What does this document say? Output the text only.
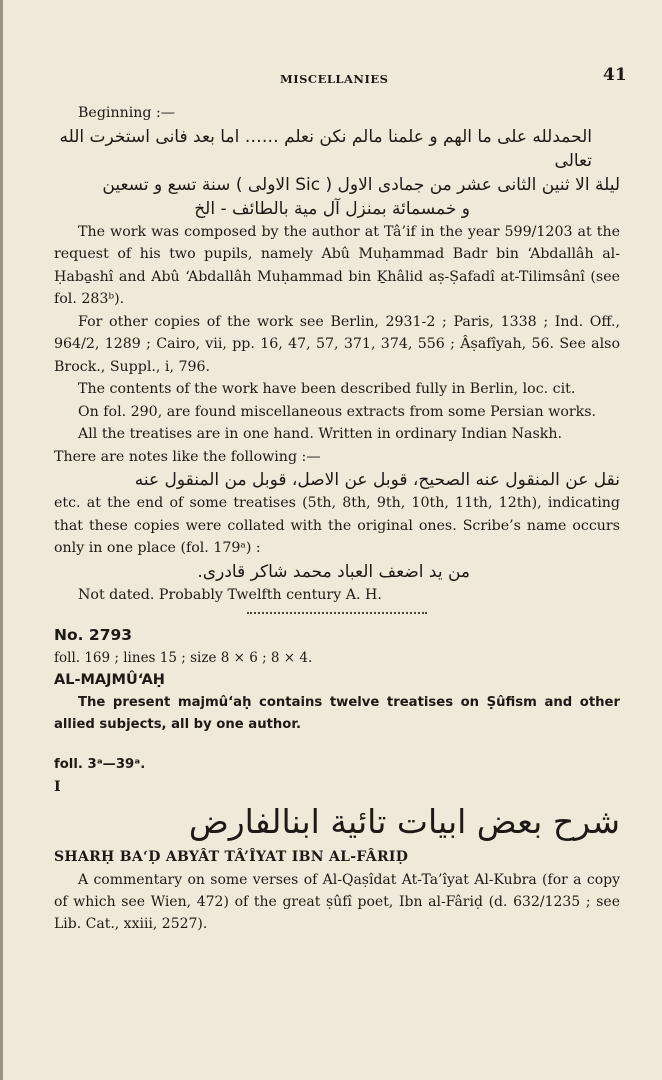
MISCELLANIES	41

Beginning :—

الحمدلله على ما الهم و علمنا مالم نكن نعلم …… اما بعد فانى استخرت الله تعالى

ليلة الا ثنين الثانى عشر من جمادى الاول ( Sic الاولى ) سنة تسع و تسعين

و خمسمائة بمنزل آل مية بالطائف - الخ

The work was composed by the author at Tâ’if in the year 599/1203 at the request of his two pupils, namely Abû Muḥammad Badr bin ‘Abdallâh al-Ḥaba̱shî and Abû ‘Abdallâh Muḥammad bin Ḵhâlid aṣ-Ṣafadî at-Tilimsânî (see fol. 283ᵇ).

For other copies of the work see Berlin, 2931-2 ; Paris, 1338 ; Ind. Off., 964/2, 1289 ; Cairo, vii, pp. 16, 47, 57, 371, 374, 556 ; Âṣafîyah, 56. See also Brock., Suppl., i, 796.

The contents of the work have been described fully in Berlin, loc. cit.

On fol. 290, are found miscellaneous extracts from some Persian works.

All the treatises are in one hand. Written in ordinary Indian Naskh.

There are notes like the following :—

نقل عن المنقول عنه الصحيح، قوبل عن الاصل، قوبل من المنقول عنه

etc. at the end of some treatises (5th, 8th, 9th, 10th, 11th, 12th), indicating that these copies were collated with the original ones. Scribe’s name occurs only in one place (fol. 179ᵃ) :

من يد اضعف العباد محمد شاكر قادرى.

Not dated. Probably Twelfth century A. H.

No. 2793

foll. 169 ; lines 15 ; size 8 × 6 ; 8 × 4.

AL-MAJMÛ‘AḤ

The present majmû‘aḥ contains twelve treatises on Ṣûfism and other allied subjects, all by one author.

foll. 3ᵃ—39ᵃ.

I

شرح بعض ابيات تائية ابنالفارض

SHARḤ BA‘Ḍ ABYÂT TÂ’ÎYAT IBN AL-FÂRIḌ

A commentary on some verses of Al-Qaṣîdat At-Ta’îyat Al-Kubra (for a copy of which see Wien, 472) of the great ṣûfî poet, Ibn al-Fâriḍ (d. 632/1235 ; see Lib. Cat., xxiii, 2527).
